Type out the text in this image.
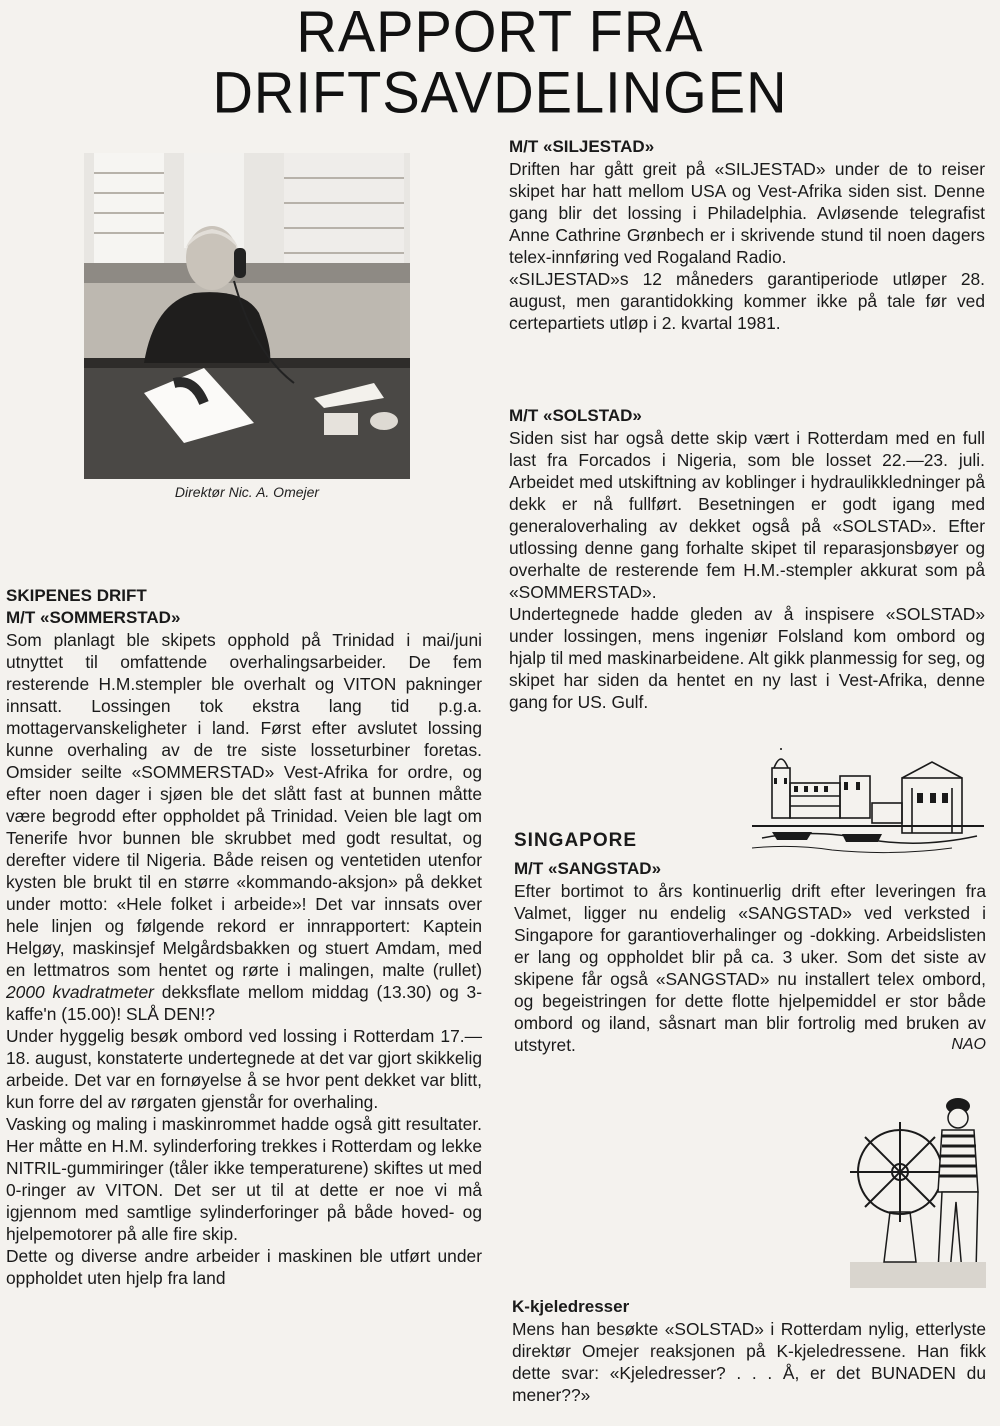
RAPPORT FRA
DRIFTSAVDELINGEN
Direktør Nic. A. Omejer
SKIPENES DRIFT
M/T «SOMMERSTAD»

Som planlagt ble skipets opphold på Trinidad i mai/juni utnyttet til omfattende overhalingsarbeider. De fem resterende H.M.stempler ble overhalt og VITON pakninger innsatt. Lossingen tok ekstra lang tid p.g.a. mottagervanskeligheter i land. Først efter avslutet lossing kunne overhaling av de tre siste losseturbiner foretas. Omsider seilte «SOMMERSTAD» Vest-Afrika for ordre, og efter noen dager i sjøen ble det slått fast at bunnen måtte være begrodd efter oppholdet på Trinidad. Veien ble lagt om Tenerife hvor bunnen ble skrubbet med godt resultat, og derefter videre til Nigeria. Både reisen og ventetiden utenfor kysten ble brukt til en større «kommando-aksjon» på dekket under motto: «Hele folket i arbeide»! Det var innsats over hele linjen og følgende rekord er innrapportert: Kaptein Helgøy, maskinsjef Melgårdsbakken og stuert Amdam, med en lettmatros som hentet og rørte i malingen, malte (rullet) 2000 kvadratmeter dekksflate mellom middag (13.30) og 3-kaffe'n (15.00)! SLÅ DEN!?

Under hyggelig besøk ombord ved lossing i Rotterdam 17.—18. august, konstaterte undertegnede at det var gjort skikkelig arbeide. Det var en fornøyelse å se hvor pent dekket var blitt, kun forre del av rørgaten gjenstår for overhaling.

Vasking og maling i maskinrommet hadde også gitt resultater. Her måtte en H.M. sylinderforing trekkes i Rotterdam og lekke NITRIL-gummiringer (tåler ikke temperaturene) skiftes ut med 0-ringer av VITON. Det ser ut til at dette er noe vi må igjennom med samtlige sylinderforinger på både hoved- og hjelpemotorer på alle fire skip.

Dette og diverse andre arbeider i maskinen ble utført under oppholdet uten hjelp fra land

M/T «SILJESTAD»

Driften har gått greit på «SILJESTAD» under de to reiser skipet har hatt mellom USA og Vest-Afrika siden sist. Denne gang blir det lossing i Philadelphia. Avløsende telegrafist Anne Cathrine Grønbech er i skrivende stund til noen dagers telex-innføring ved Rogaland Radio.

«SILJESTAD»s 12 måneders garantiperiode utløper 28. august, men garantidokking kommer ikke på tale før ved certepartiets utløp i 2. kvartal 1981.

M/T «SOLSTAD»

Siden sist har også dette skip vært i Rotterdam med en full last fra Forcados i Nigeria, som ble losset 22.—23. juli. Arbeidet med utskiftning av koblinger i hydraulikkledninger på dekk er nå fullført. Besetningen er godt igang med generaloverhaling av dekket også på «SOLSTAD». Efter utlossing denne gang forhalte skipet til reparasjonsbøyer og overhalte de resterende fem H.M.-stempler akkurat som på «SOMMERSTAD».

Undertegnede hadde gleden av å inspisere «SOLSTAD» under lossingen, mens ingeniør Folsland kom ombord og hjalp til med maskinarbeidene. Alt gikk planmessig for seg, og skipet har siden da hentet en ny last i Vest-Afrika, denne gang for US. Gulf.

SINGAPORE
M/T «SANGSTAD»

Efter bortimot to års kontinuerlig drift efter leveringen fra Valmet, ligger nu endelig «SANGSTAD» ved verksted i Singapore for garantioverhalinger og -dokking. Arbeidslisten er lang og oppholdet blir på ca. 3 uker. Som det siste av skipene får også «SANGSTAD» nu installert telex ombord, og begeistringen for dette flotte hjelpemiddel er stor både ombord og iland, såsnart man blir fortrolig med bruken av utstyret.	NAO
K-kjeledresser

Mens han besøkte «SOLSTAD» i Rotterdam nylig, etterlyste direktør Omejer reaksjonen på K-kjeledressene. Han fikk dette svar: «Kjeledresser? . . . Å, er det BUNADEN du mener??»
